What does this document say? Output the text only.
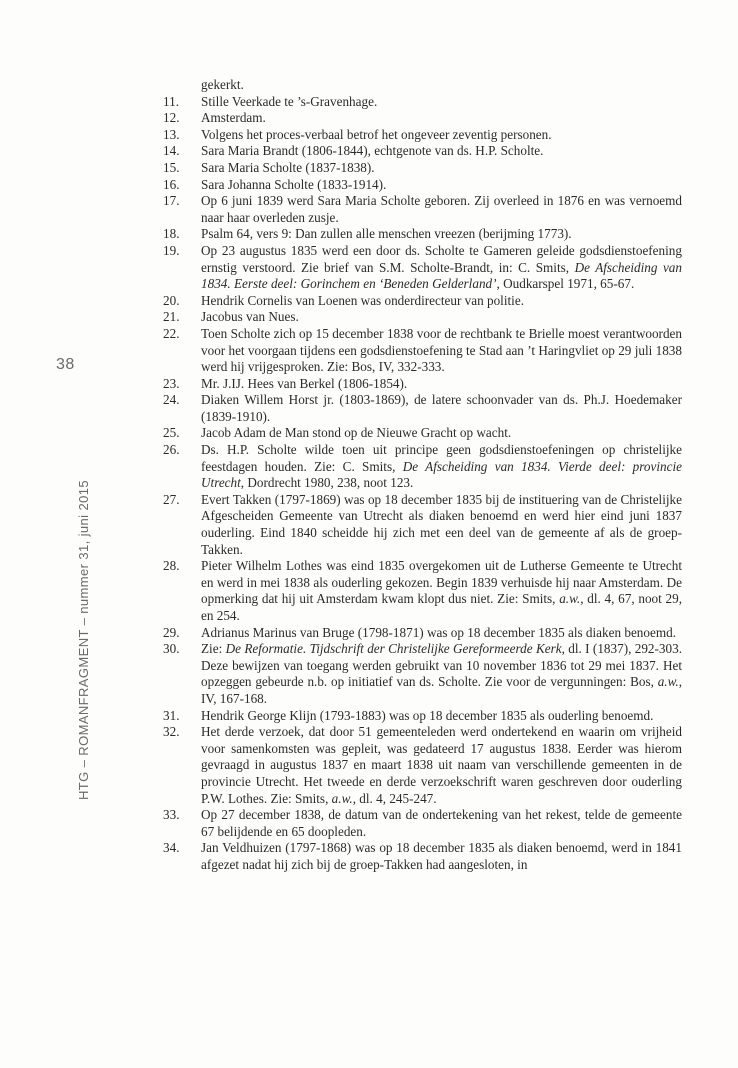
38
HTG – ROMANFRAGMENT – nummer 31, juni 2015
gekerkt.
11.	Stille Veerkade te ’s-Gravenhage.
12.	Amsterdam.
13.	Volgens het proces-verbaal betrof het ongeveer zeventig personen.
14.	Sara Maria Brandt (1806-1844), echtgenote van ds. H.P. Scholte.
15.	Sara Maria Scholte (1837-1838).
16.	Sara Johanna Scholte (1833-1914).
17.	Op 6 juni 1839 werd Sara Maria Scholte geboren. Zij overleed in 1876 en was vernoemd naar haar overleden zusje.
18.	Psalm 64, vers 9: Dan zullen alle menschen vreezen (berijming 1773).
19.	Op 23 augustus 1835 werd een door ds. Scholte te Gameren geleide godsdienstoefening ernstig verstoord. Zie brief van S.M. Scholte-Brandt, in: C. Smits, De Afscheiding van 1834. Eerste deel: Gorinchem en ‘Beneden Gelderland’, Oudkarspel 1971, 65-67.
20.	Hendrik Cornelis van Loenen was onderdirecteur van politie.
21.	Jacobus van Nues.
22.	Toen Scholte zich op 15 december 1838 voor de rechtbank te Brielle moest verantwoorden voor het voorgaan tijdens een godsdienstoefening te Stad aan ’t Haringvliet op 29 juli 1838 werd hij vrijgesproken. Zie: Bos, IV, 332-333.
23.	Mr. J.IJ. Hees van Berkel (1806-1854).
24.	Diaken Willem Horst jr. (1803-1869), de latere schoonvader van ds. Ph.J. Hoedemaker (1839-1910).
25.	Jacob Adam de Man stond op de Nieuwe Gracht op wacht.
26.	Ds. H.P. Scholte wilde toen uit principe geen godsdienstoefeningen op christelijke feestdagen houden. Zie: C. Smits, De Afscheiding van 1834. Vierde deel: provincie Utrecht, Dordrecht 1980, 238, noot 123.
27.	Evert Takken (1797-1869) was op 18 december 1835 bij de instituering van de Christelijke Afgescheiden Gemeente van Utrecht als diaken benoemd en werd hier eind juni 1837 ouderling. Eind 1840 scheidde hij zich met een deel van de gemeente af als de groep-Takken.
28.	Pieter Wilhelm Lothes was eind 1835 overgekomen uit de Lutherse Gemeente te Utrecht en werd in mei 1838 als ouderling gekozen. Begin 1839 verhuisde hij naar Amsterdam. De opmerking dat hij uit Amsterdam kwam klopt dus niet. Zie: Smits, a.w., dl. 4, 67, noot 29, en 254.
29.	Adrianus Marinus van Bruge (1798-1871) was op 18 december 1835 als diaken benoemd.
30.	Zie: De Reformatie. Tijdschrift der Christelijke Gereformeerde Kerk, dl. I (1837), 292-303. Deze bewijzen van toegang werden gebruikt van 10 november 1836 tot 29 mei 1837. Het opzeggen gebeurde n.b. op initiatief van ds. Scholte. Zie voor de vergunningen: Bos, a.w., IV, 167-168.
31.	Hendrik George Klijn (1793-1883) was op 18 december 1835 als ouderling benoemd.
32.	Het derde verzoek, dat door 51 gemeenteleden werd ondertekend en waarin om vrijheid voor samenkomsten was gepleit, was gedateerd 17 augustus 1838. Eerder was hierom gevraagd in augustus 1837 en maart 1838 uit naam van verschillende gemeenten in de provincie Utrecht. Het tweede en derde verzoekschrift waren geschreven door ouderling P.W. Lothes. Zie: Smits, a.w., dl. 4, 245-247.
33.	Op 27 december 1838, de datum van de ondertekening van het rekest, telde de gemeente 67 belijdende en 65 doopleden.
34.	Jan Veldhuizen (1797-1868) was op 18 december 1835 als diaken benoemd, werd in 1841 afgezet nadat hij zich bij de groep-Takken had aangesloten, in
